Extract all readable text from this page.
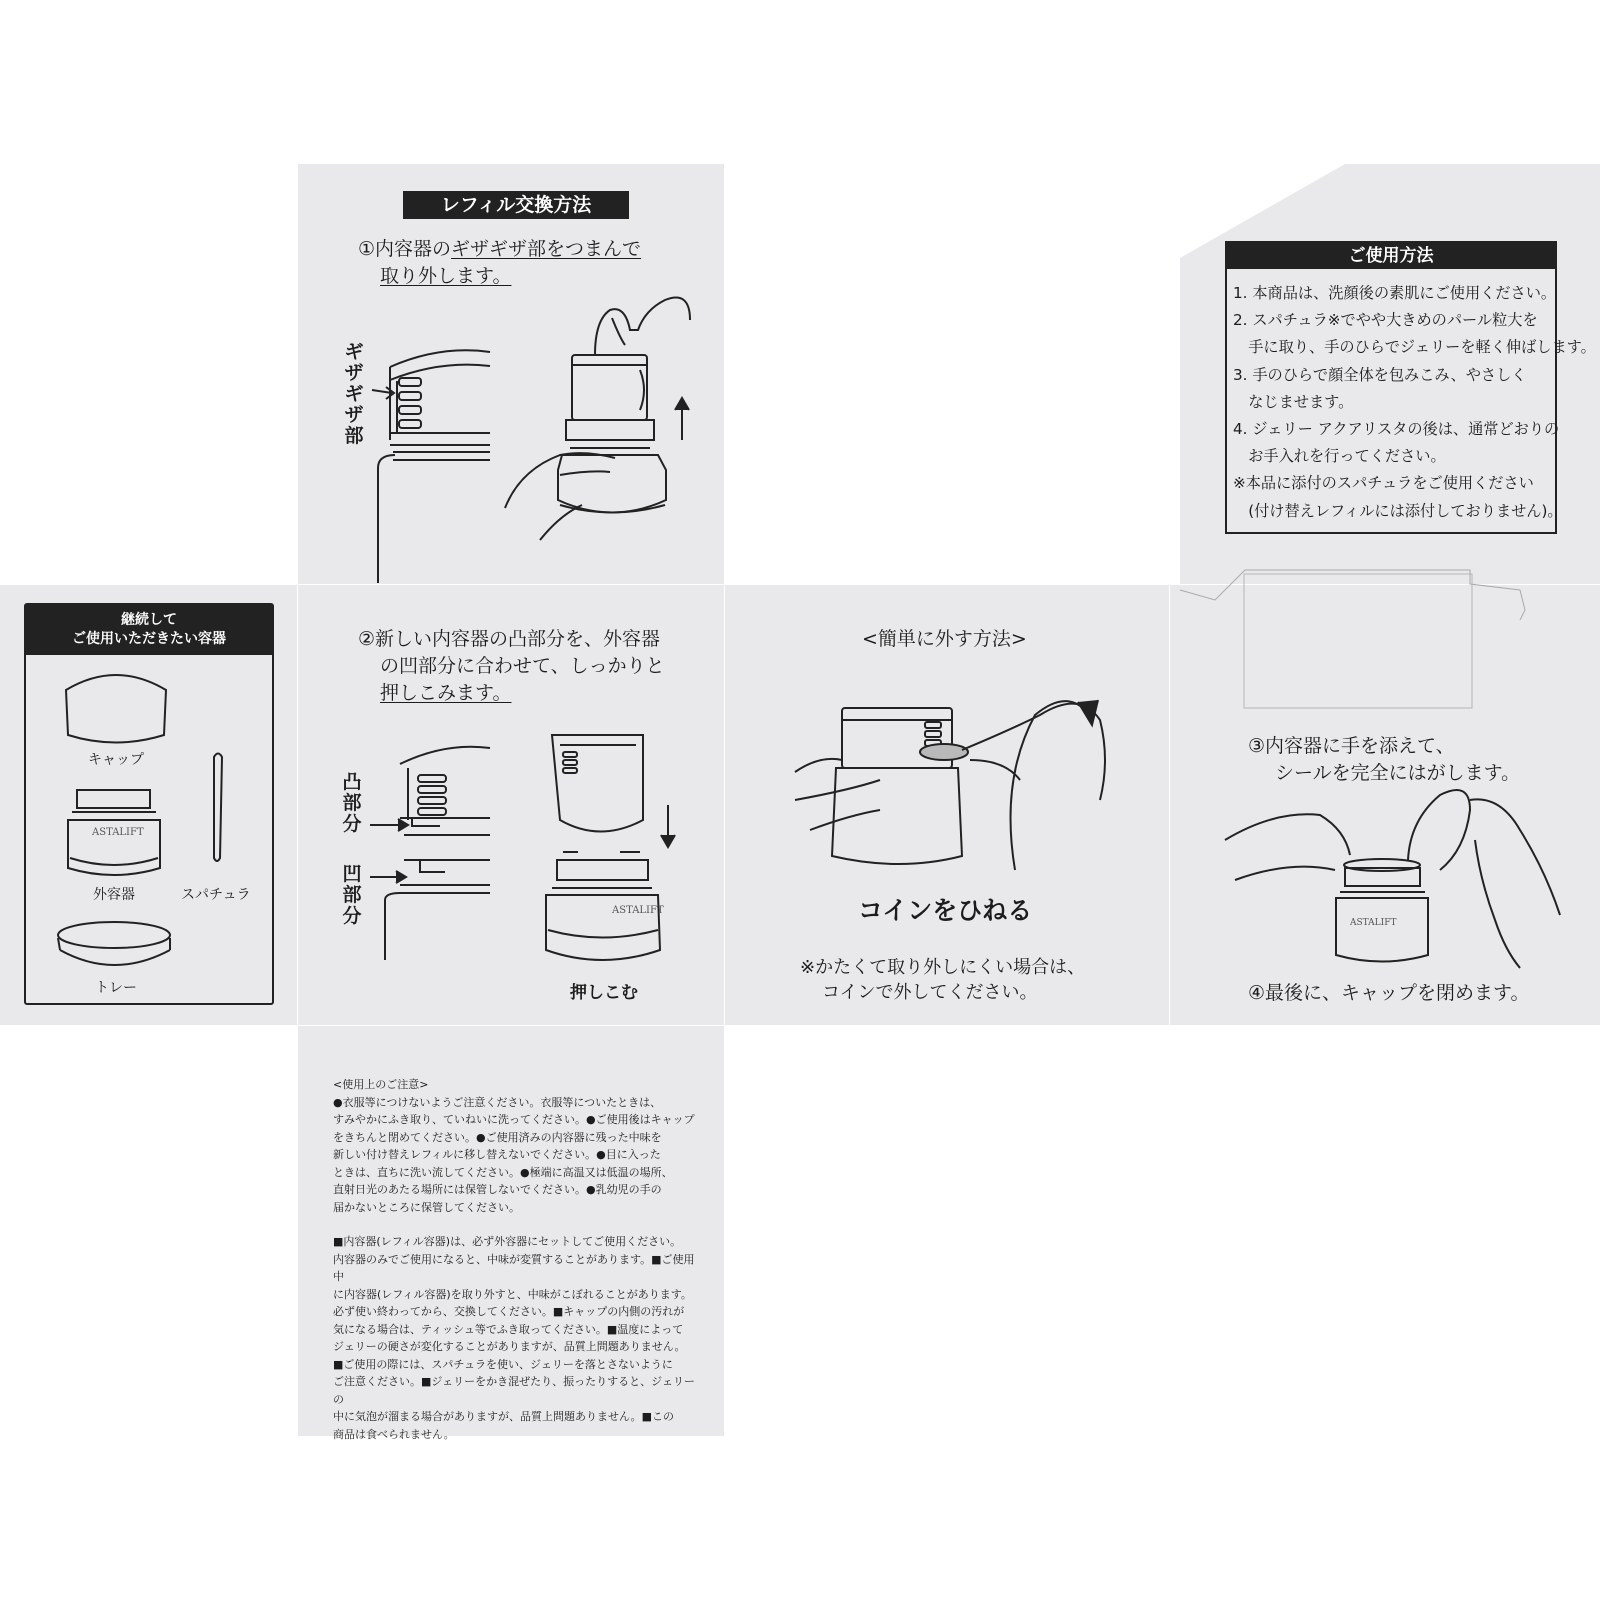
レフィル交換方法
①内容器のギザギザ部をつまんで
取り外します。
ギザギザ部
②新しい内容器の凸部分を、外容器
の凹部分に合わせて、しっかりと
押しこみます。
凸部分
凹部分
押しこむ
ASTALIFT
継続して
ご使用いただきたい容器
ASTALIFT
キャップ
外容器	スパチュラ
トレー
<簡単に外す方法>
コインをひねる
※かたくて取り外しにくい場合は、
コインで外してください。
ご使用方法
1. 本商品は、洗顔後の素肌にご使用ください。
2. スパチュラ※でやや大きめのパール粒大を
　手に取り、手のひらでジェリーを軽く伸ばします。
3. 手のひらで顔全体を包みこみ、やさしく
　なじませます。
4. ジェリー アクアリスタの後は、通常どおりの
　お手入れを行ってください。
※本品に添付のスパチュラをご使用ください
　(付け替えレフィルには添付しておりません)。
③内容器に手を添えて、
シールを完全にはがします。
ASTALIFT
④最後に、キャップを閉めます。

<使用上のご注意>

●衣服等につけないようご注意ください。衣服等についたときは、

すみやかにふき取り、ていねいに洗ってください。●ご使用後はキャップ

をきちんと閉めてください。●ご使用済みの内容器に残った中味を

新しい付け替えレフィルに移し替えないでください。●目に入った

ときは、直ちに洗い流してください。●極端に高温又は低温の場所、

直射日光のあたる場所には保管しないでください。●乳幼児の手の

届かないところに保管してください。

■内容器(レフィル容器)は、必ず外容器にセットしてご使用ください。

内容器のみでご使用になると、中味が変質することがあります。■ご使用中

に内容器(レフィル容器)を取り外すと、中味がこぼれることがあります。

必ず使い終わってから、交換してください。■キャップの内側の汚れが

気になる場合は、ティッシュ等でふき取ってください。■温度によって

ジェリーの硬さが変化することがありますが、品質上問題ありません。

■ご使用の際には、スパチュラを使い、ジェリーを落とさないように

ご注意ください。■ジェリーをかき混ぜたり、振ったりすると、ジェリーの

中に気泡が溜まる場合がありますが、品質上問題ありません。■この

商品は食べられません。
